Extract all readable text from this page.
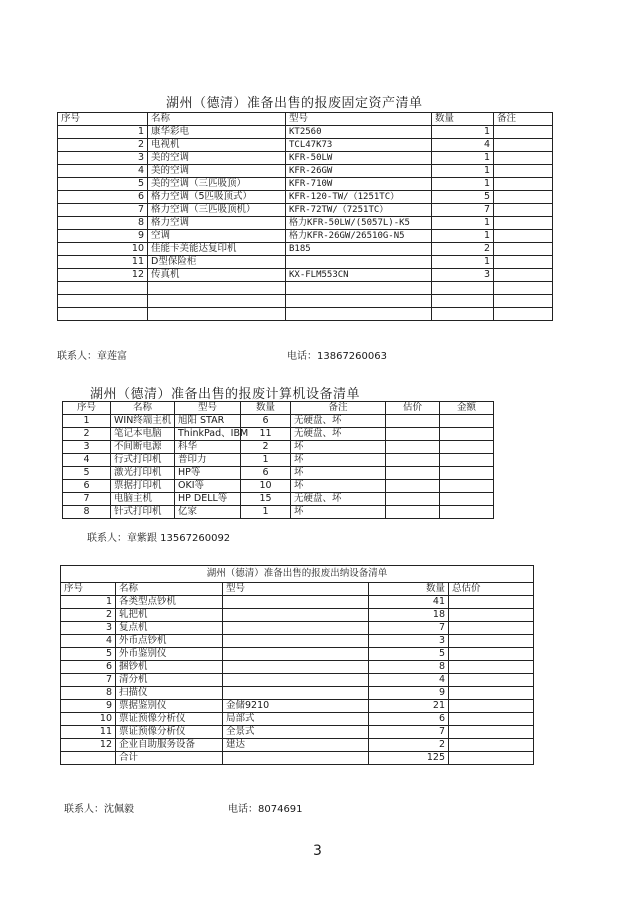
湖州（德清）准备出售的报废固定资产清单
序号	名称	型号	数量	备注
1	康华彩电	KT2560	1	
2	电视机	TCL47K73	4	
3	美的空调	KFR-50LW	1	
4	美的空调	KFR-26GW	1	
5	美的空调（三匹吸顶）	KFR-710W	1	
6	格力空调（5匹吸顶式）	KFR-120-TW/（1251TC）	5	
7	格力空调（三匹吸顶机）	KFR-72TW/（7251TC）	7	
8	格力空调	格力KFR-50LW/(5057L)-K5	1	
9	空调	格力KFR-26GW/26510G-N5	1	
10	佳能卡美能达复印机	B185	2	
11	D型保险柜		1	
12	传真机	KX-FLM553CN	3	

联系人：章莲富	电话：13867260063
湖州（德清）准备出售的报废计算机设备清单
序号	名称	型号	数量	备注	估价	金额
1	WIN终端主机	旭阳 STAR	6	无硬盘、坏		
2	笔记本电脑	ThinkPad、IBM	11	无硬盘、坏		
3	不间断电源	科华	2	坏		
4	行式打印机	普印力	1	坏		
5	激光打印机	HP等	6	坏		
6	票据打印机	OKI等	10	坏		
7	电脑主机	HP DELL等	15	无硬盘、坏		
8	针式打印机	亿家	1	坏		
联系人：章紫跟 13567260092
湖州（德清）准备出售的报废出纳设备清单				
序号	名称	型号	数量	总估价
1	各类型点钞机		41	
2	轧把机		18	
3	复点机		7	
4	外币点钞机		3	
5	外币鉴别仪		5	
6	捆钞机		8	
7	清分机		4	
8	扫描仪		9	
9	票据鉴别仪	金储9210	21	
10	票证预像分析仪	局部式	6	
11	票证预像分析仪	全景式	7	
12	企业自助服务设备	建达	2	
	合计		125	
联系人：沈佩毅	电话：8074691
3
